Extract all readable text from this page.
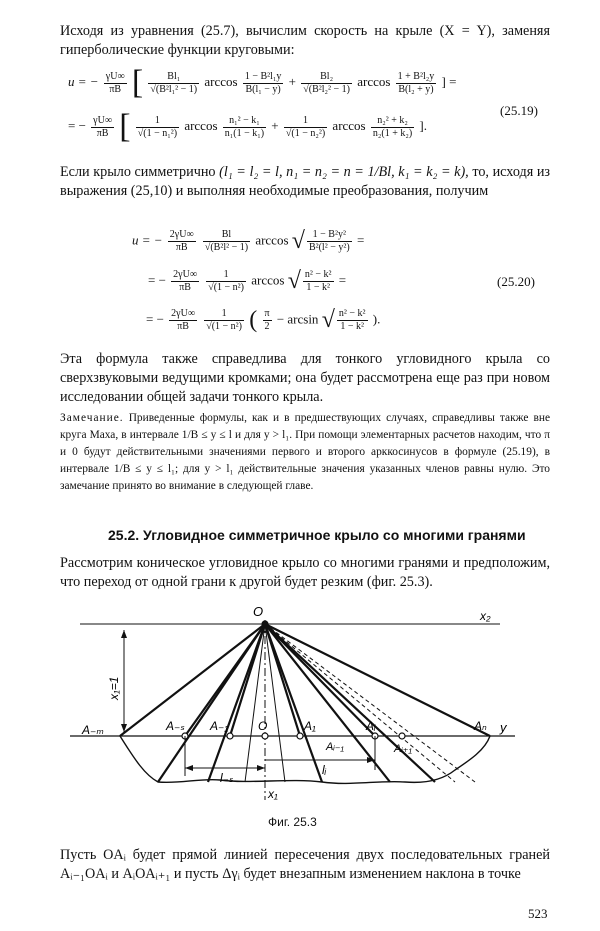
Исходя из уравнения (25.7), вычислим скорость на крыле (X = Y), заменяя гиперболические функции круговыми:

u = − $\frac{\gamma U\infty}{\pi B}$ [ $\frac{\text{Bl₁}}{\text{√(B²l₁² − 1)}}$ $\arccos \frac{\text{1 − B²l₁y}}{\text{B(l₁ − y)}} + \frac{\text{Bl₂}}{\text{√(B²l₂² − 1)}}$ $\arccos \frac{\text{1 + B²l₂y}}{\text{B(l₂ + y)}}$ ] =
= − $\frac{\gamma U\infty}{\pi B}$ [ $\frac{1}{\text{√(1 − n₁²)}}$ $\arccos \frac{\text{n₁² − k₁}}{\text{n₁(1 − k₁)}} + \frac{1}{\text{√(1 − n₂²)}}$ $\arccos \frac{\text{n₂² + k₂}}{\text{n₂(1 + k₂)}}$ ].
(25.19)
Если крыло симметрично (l₁ = l₂ = l, n₁ = n₂ = n = 1/Bl, k₁ = k₂ = k), то, исходя из выражения (25,10) и выполняя необходимые преобразования, получим
u = − $\frac{2\gamma U\infty}{\pi B}$
$\frac{Bl}{\text{√(B²l² − 1)}}$ arccos √ $\frac{\text{1 − B²y²}}{\text{B²(l² − y²)}}$ =
= − $\frac{2\gamma U\infty}{\pi B}$
$\frac{1}{\text{√(1 − n²)}}$ arccos √ $\frac{\text{n² − k²}}{\text{1 − k²}}$ =	(25.20)
= − $\frac{2\gamma U\infty}{\pi B}$
$\frac{1}{\text{√(1 − n²)}}$ ( $\frac{\pi}{2} - \arcsin$ √ $\frac{\text{n² − k²}}{\text{1 − k²}}$ ).

Эта формула также справедлива для тонкого угловидного крыла со сверхзвуковыми ведущими кромками; она будет рассмотрена еще раз при новом исследовании общей задачи тонкого крыла.

Замечание. Приведенные формулы, как и в предшествующих случаях, справедливы также вне круга Маха, в интервале 1/B ≤ y ≤ l и для y > l₁. При помощи элементарных расчетов находим, что π и 0 будут действительными значениями первого и второго арккосинусов в формуле (25.19), в интервале 1/B ≤ y ≤ l₁; для y > l₁ действительные значения указанных членов равны нулю. Это замечание принято во внимание в следующей главе.
25.2. Угловидное симметричное крыло со многими гранями

Рассмотрим коническое угловидное крыло со многими гранями и предположим, что переход от одной грани к другой будет резким (фиг. 25.3).

x₂
y
x₁=1
O
A₋ₘ	A₋ₛ A₋₁ O	A₁	Aᵢ
Aᵢ₋₁	Aᵢ₊₁
Aₙ
l₋ₛ
lᵢ
x₁
Фиг. 25.3

Пусть OAᵢ будет прямой линией пересечения двух последовательных граней Aᵢ₋₁OAᵢ и AᵢOAᵢ₊₁ и пусть Δγᵢ будет внезапным изменением наклона в точке

523
